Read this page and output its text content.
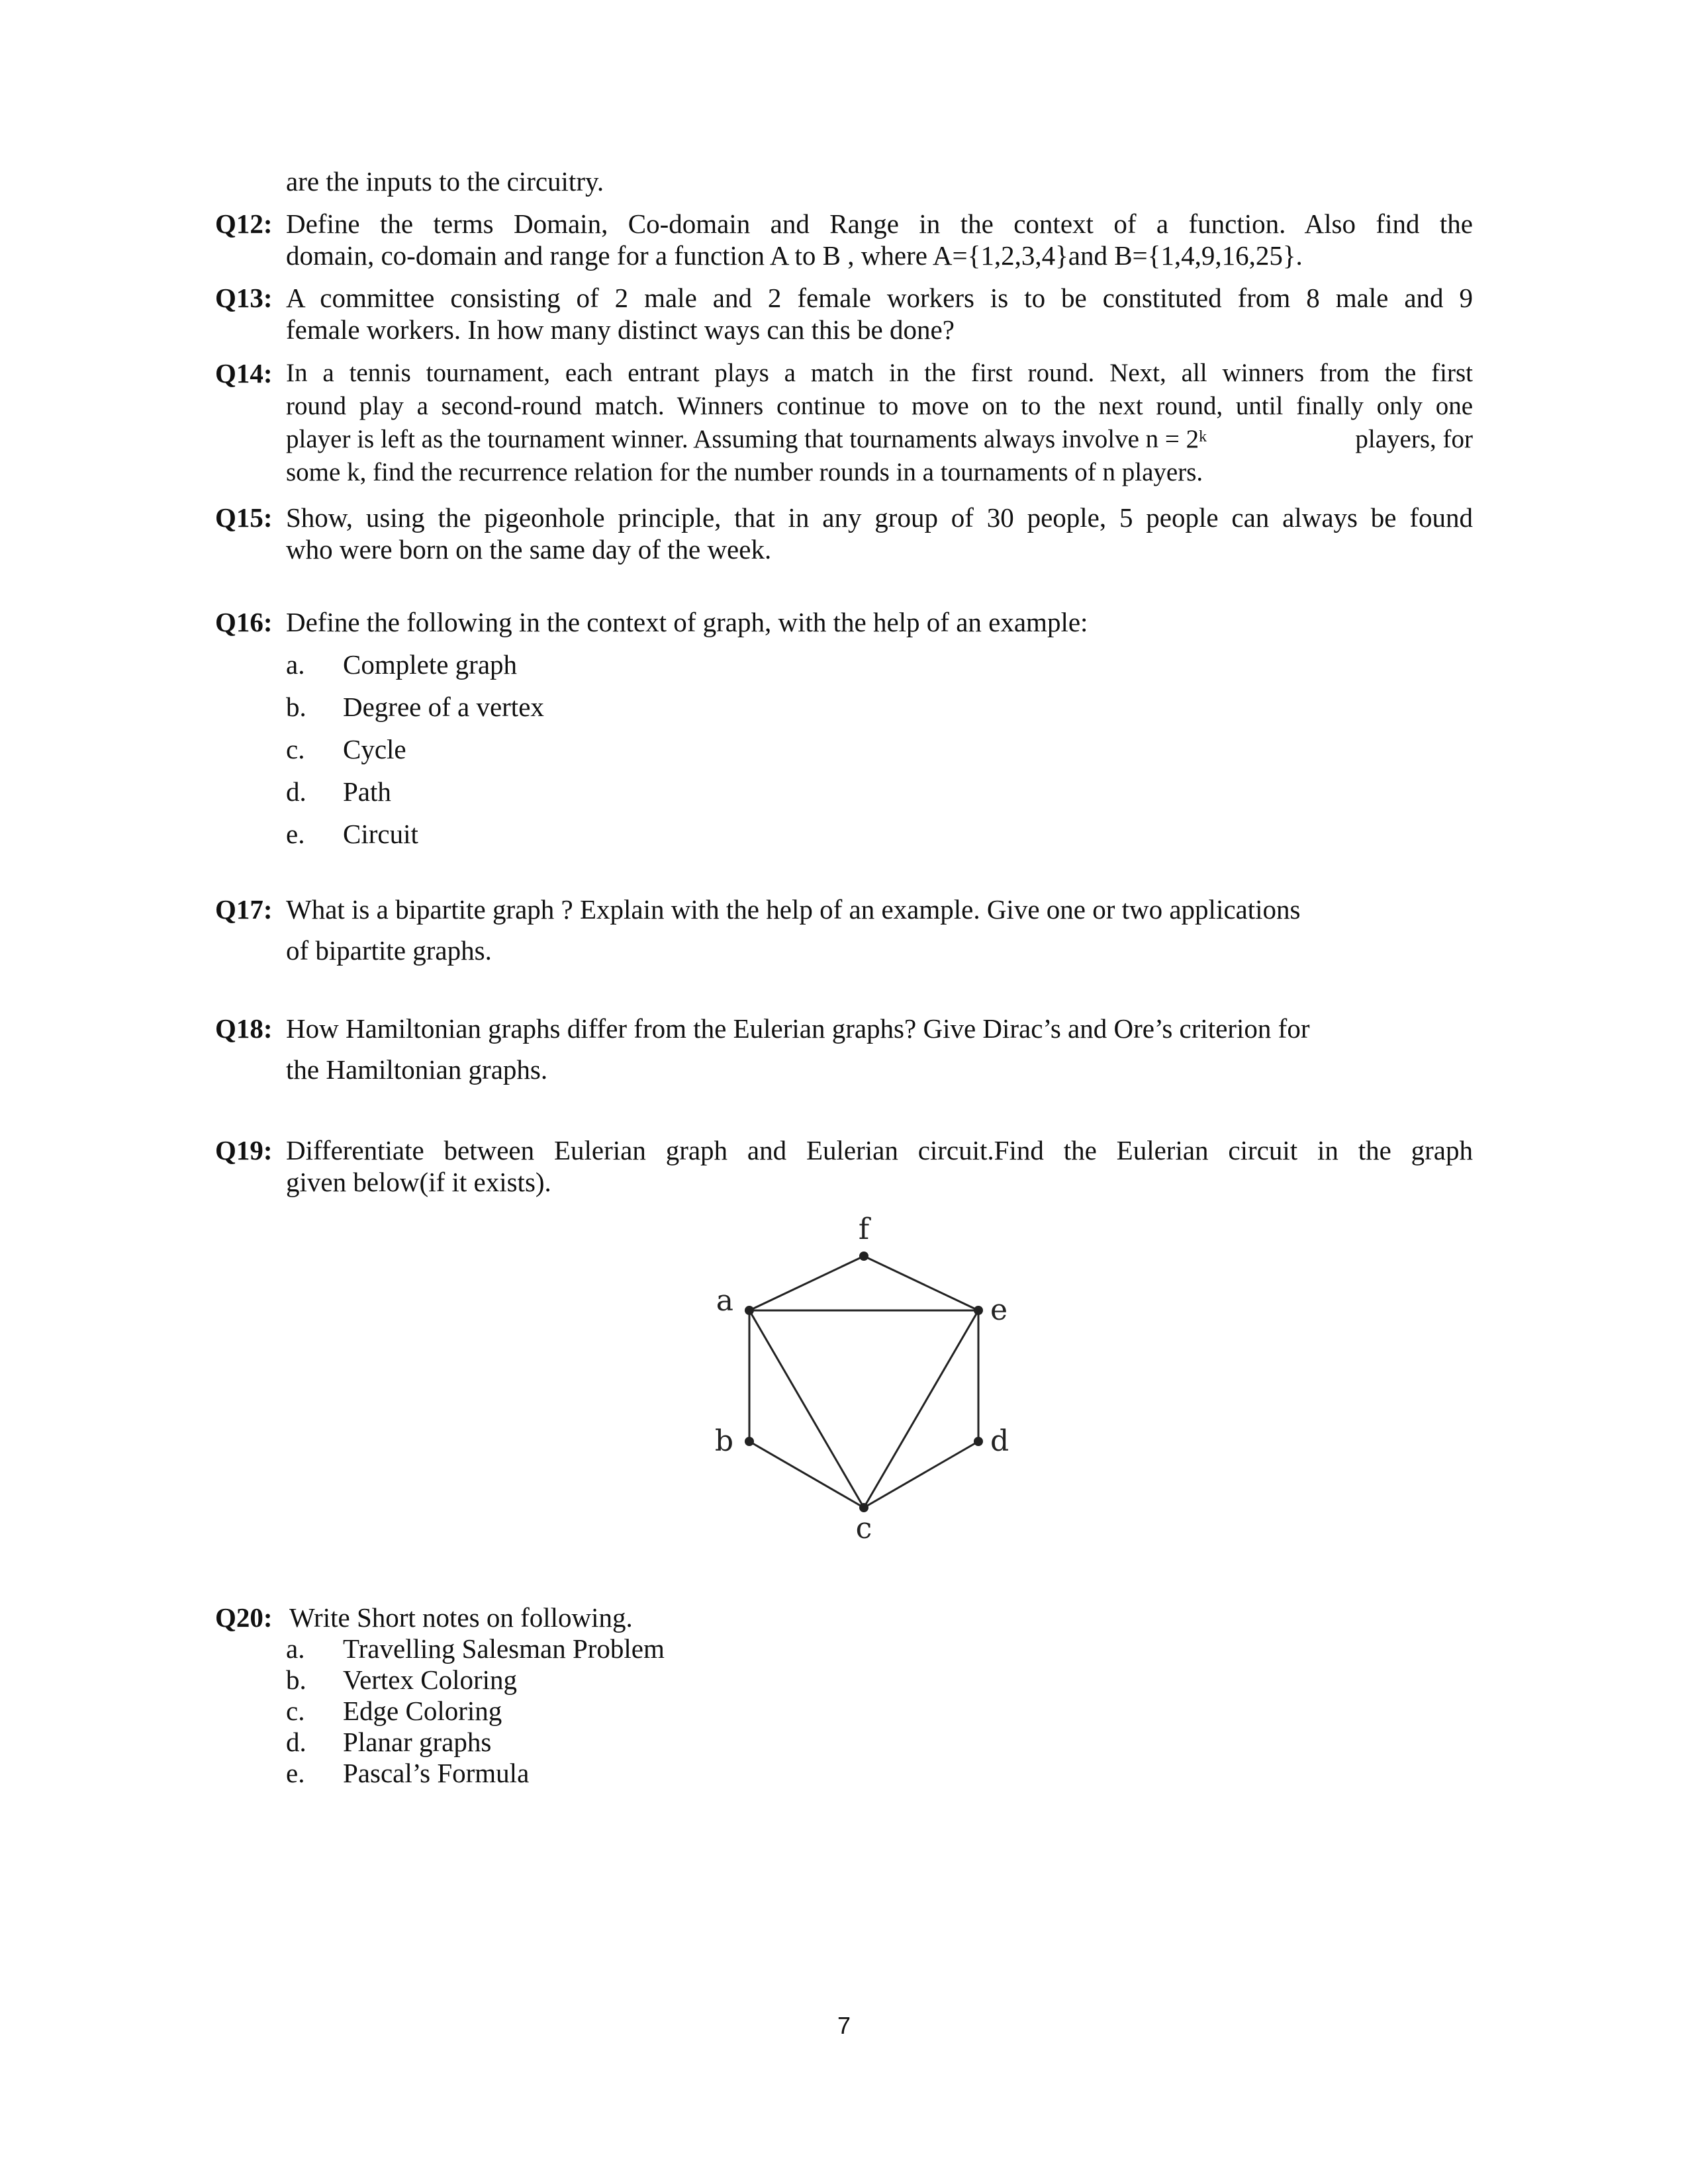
are the inputs to the circuitry.
Q12: Define the terms Domain, Co-domain and Range in the context of a function. Also find the
domain, co-domain and range for a function A to B , where A={1,2,3,4}and B={1,4,9,16,25}.
Q13: A committee consisting of 2 male and 2 female workers is to be constituted from 8 male and 9
female workers. In how many distinct ways can this be done?
Q14: In a tennis tournament, each entrant plays a match in the first round. Next, all winners from the first
round play a second-round match. Winners continue to move on to the next round, until finally only one
player is left as the tournament winner. Assuming that tournaments always involve $n = 2^k$	players, for
some k, find the recurrence relation for the number rounds in a tournaments of n players.
Q15: Show, using the pigeonhole principle, that in any group of 30 people, 5 people can always be found
who were born on the same day of the week.
Q16: Define the following in the context of graph, with the help of an example:
a. Complete graph
b. Degree of a vertex
c. Cycle
d. Path
e. Circuit
Q17: What is a bipartite graph ? Explain with the help of an example. Give one or two applications
of bipartite graphs.
Q18: How Hamiltonian graphs differ from the Eulerian graphs? Give Dirac’s and Ore’s criterion for
the Hamiltonian graphs.
Q19: Differentiate between Eulerian graph and Eulerian circuit.Find the Eulerian circuit in the graph
given below(if it exists).
a
b
c
d
e
f
Q20: Write Short notes on following.
a. Travelling Salesman Problem
b. Vertex Coloring
c. Edge Coloring
d. Planar graphs
e. Pascal’s Formula
7
